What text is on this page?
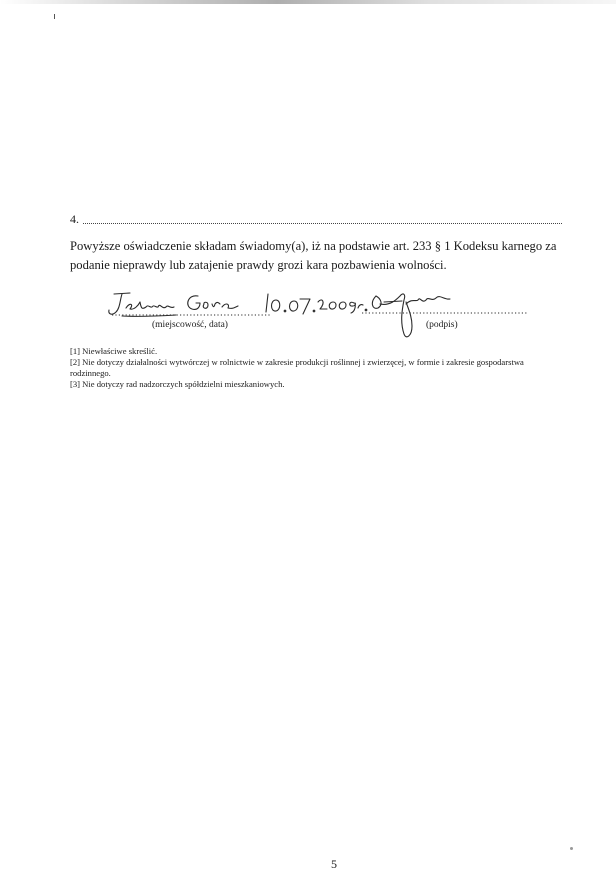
4.

Powyższe oświadczenie składam świadomy(a), iż na podstawie art. 233 § 1 Kodeksu karnego za podanie nieprawdy lub zatajenie prawdy grozi kara pozbawienia wolności.

(miejscowość, data)	(podpis)

[1] Niewłaściwe skreślić.

[2] Nie dotyczy działalności wytwórczej w rolnictwie w zakresie produkcji roślinnej i zwierzęcej, w formie i zakresie gospodarstwa rodzinnego.

[3] Nie dotyczy rad nadzorczych spółdzielni mieszkaniowych.

5
